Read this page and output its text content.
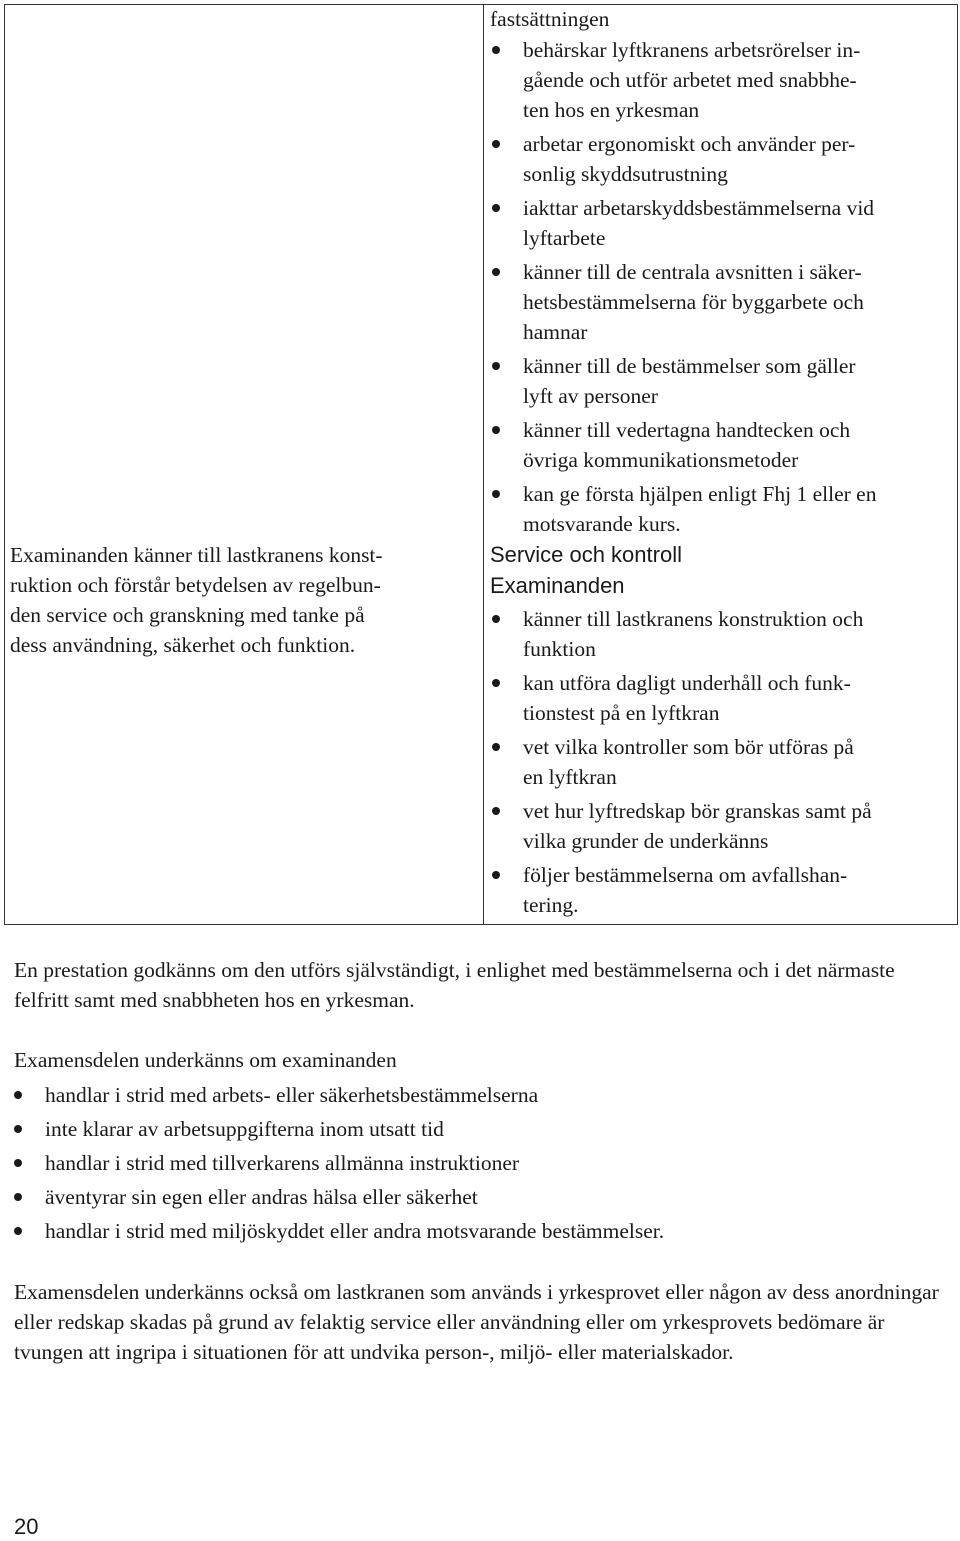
Examinanden känner till lastkranens konst-
ruktion och förstår betydelsen av regelbun-
den service och granskning med tanke på
dess användning, säkerhet och funktion.
fastsättningen
behärskar lyftkranens arbetsrörelser in-
gående och utför arbetet med snabbhe-
ten hos en yrkesman
arbetar ergonomiskt och använder per-
sonlig skyddsutrustning
iakttar arbetarskyddsbestämmelserna vid
lyftarbete
känner till de centrala avsnitten i säker-
hetsbestämmelserna för byggarbete och
hamnar
känner till de bestämmelser som gäller
lyft av personer
känner till vedertagna handtecken och
övriga kommunikationsmetoder
kan ge första hjälpen enligt Fhj 1 eller en
motsvarande kurs.
Service och kontroll
Examinanden
känner till lastkranens konstruktion och
funktion
kan utföra dagligt underhåll och funk-
tionstest på en lyftkran
vet vilka kontroller som bör utföras på
en lyftkran
vet hur lyftredskap bör granskas samt på
vilka grunder de underkänns
följer bestämmelserna om avfallshan-
tering.

En prestation godkänns om den utförs självständigt, i enlighet med bestämmelserna och i det närmaste felfritt samt med snabbheten hos en yrkesman.

Examensdelen underkänns om examinanden

handlar i strid med arbets- eller säkerhetsbestämmelserna
inte klarar av arbetsuppgifterna inom utsatt tid
handlar i strid med tillverkarens allmänna instruktioner
äventyrar sin egen eller andras hälsa eller säkerhet
handlar i strid med miljöskyddet eller andra motsvarande bestämmelser.

Examensdelen underkänns också om lastkranen som används i yrkesprovet eller någon av dess anordningar eller redskap skadas på grund av felaktig service eller användning eller om yrkesprovets bedömare är tvungen att ingripa i situationen för att undvika person-, miljö- eller materialskador.

20
